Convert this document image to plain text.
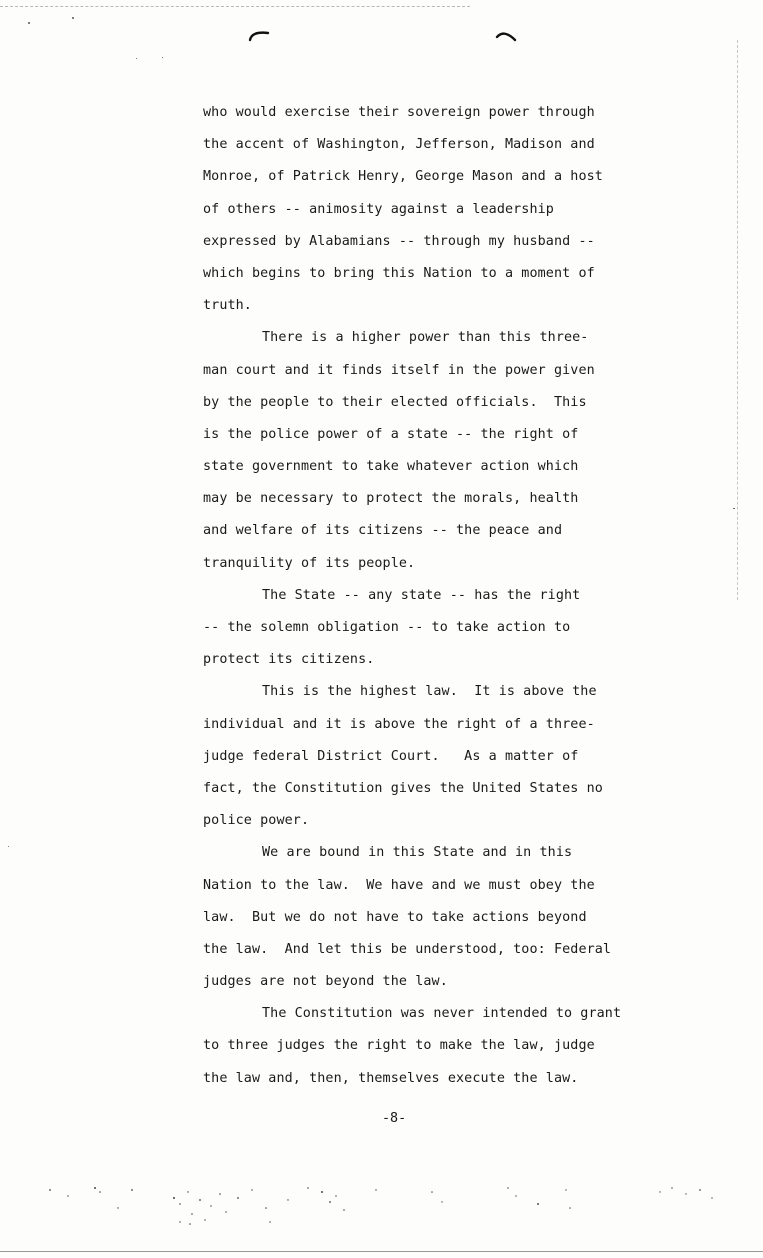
who would exercise their sovereign power through
the accent of Washington, Jefferson, Madison and
Monroe, of Patrick Henry, George Mason and a host
of others -- animosity against a leadership
expressed by Alabamians -- through my husband --
which begins to bring this Nation to a moment of
truth.
There is a higher power than this three-
man court and it finds itself in the power given
by the people to their elected officials.  This
is the police power of a state -- the right of
state government to take whatever action which
may be necessary to protect the morals, health
and welfare of its citizens -- the peace and
tranquility of its people.
The State -- any state -- has the right
-- the solemn obligation -- to take action to
protect its citizens.
This is the highest law.  It is above the
individual and it is above the right of a three-
judge federal District Court.   As a matter of
fact, the Constitution gives the United States no
police power.
We are bound in this State and in this
Nation to the law.  We have and we must obey the
law.  But we do not have to take actions beyond
the law.  And let this be understood, too: Federal
judges are not beyond the law.
The Constitution was never intended to grant
to three judges the right to make the law, judge
the law and, then, themselves execute the law.
-8-
